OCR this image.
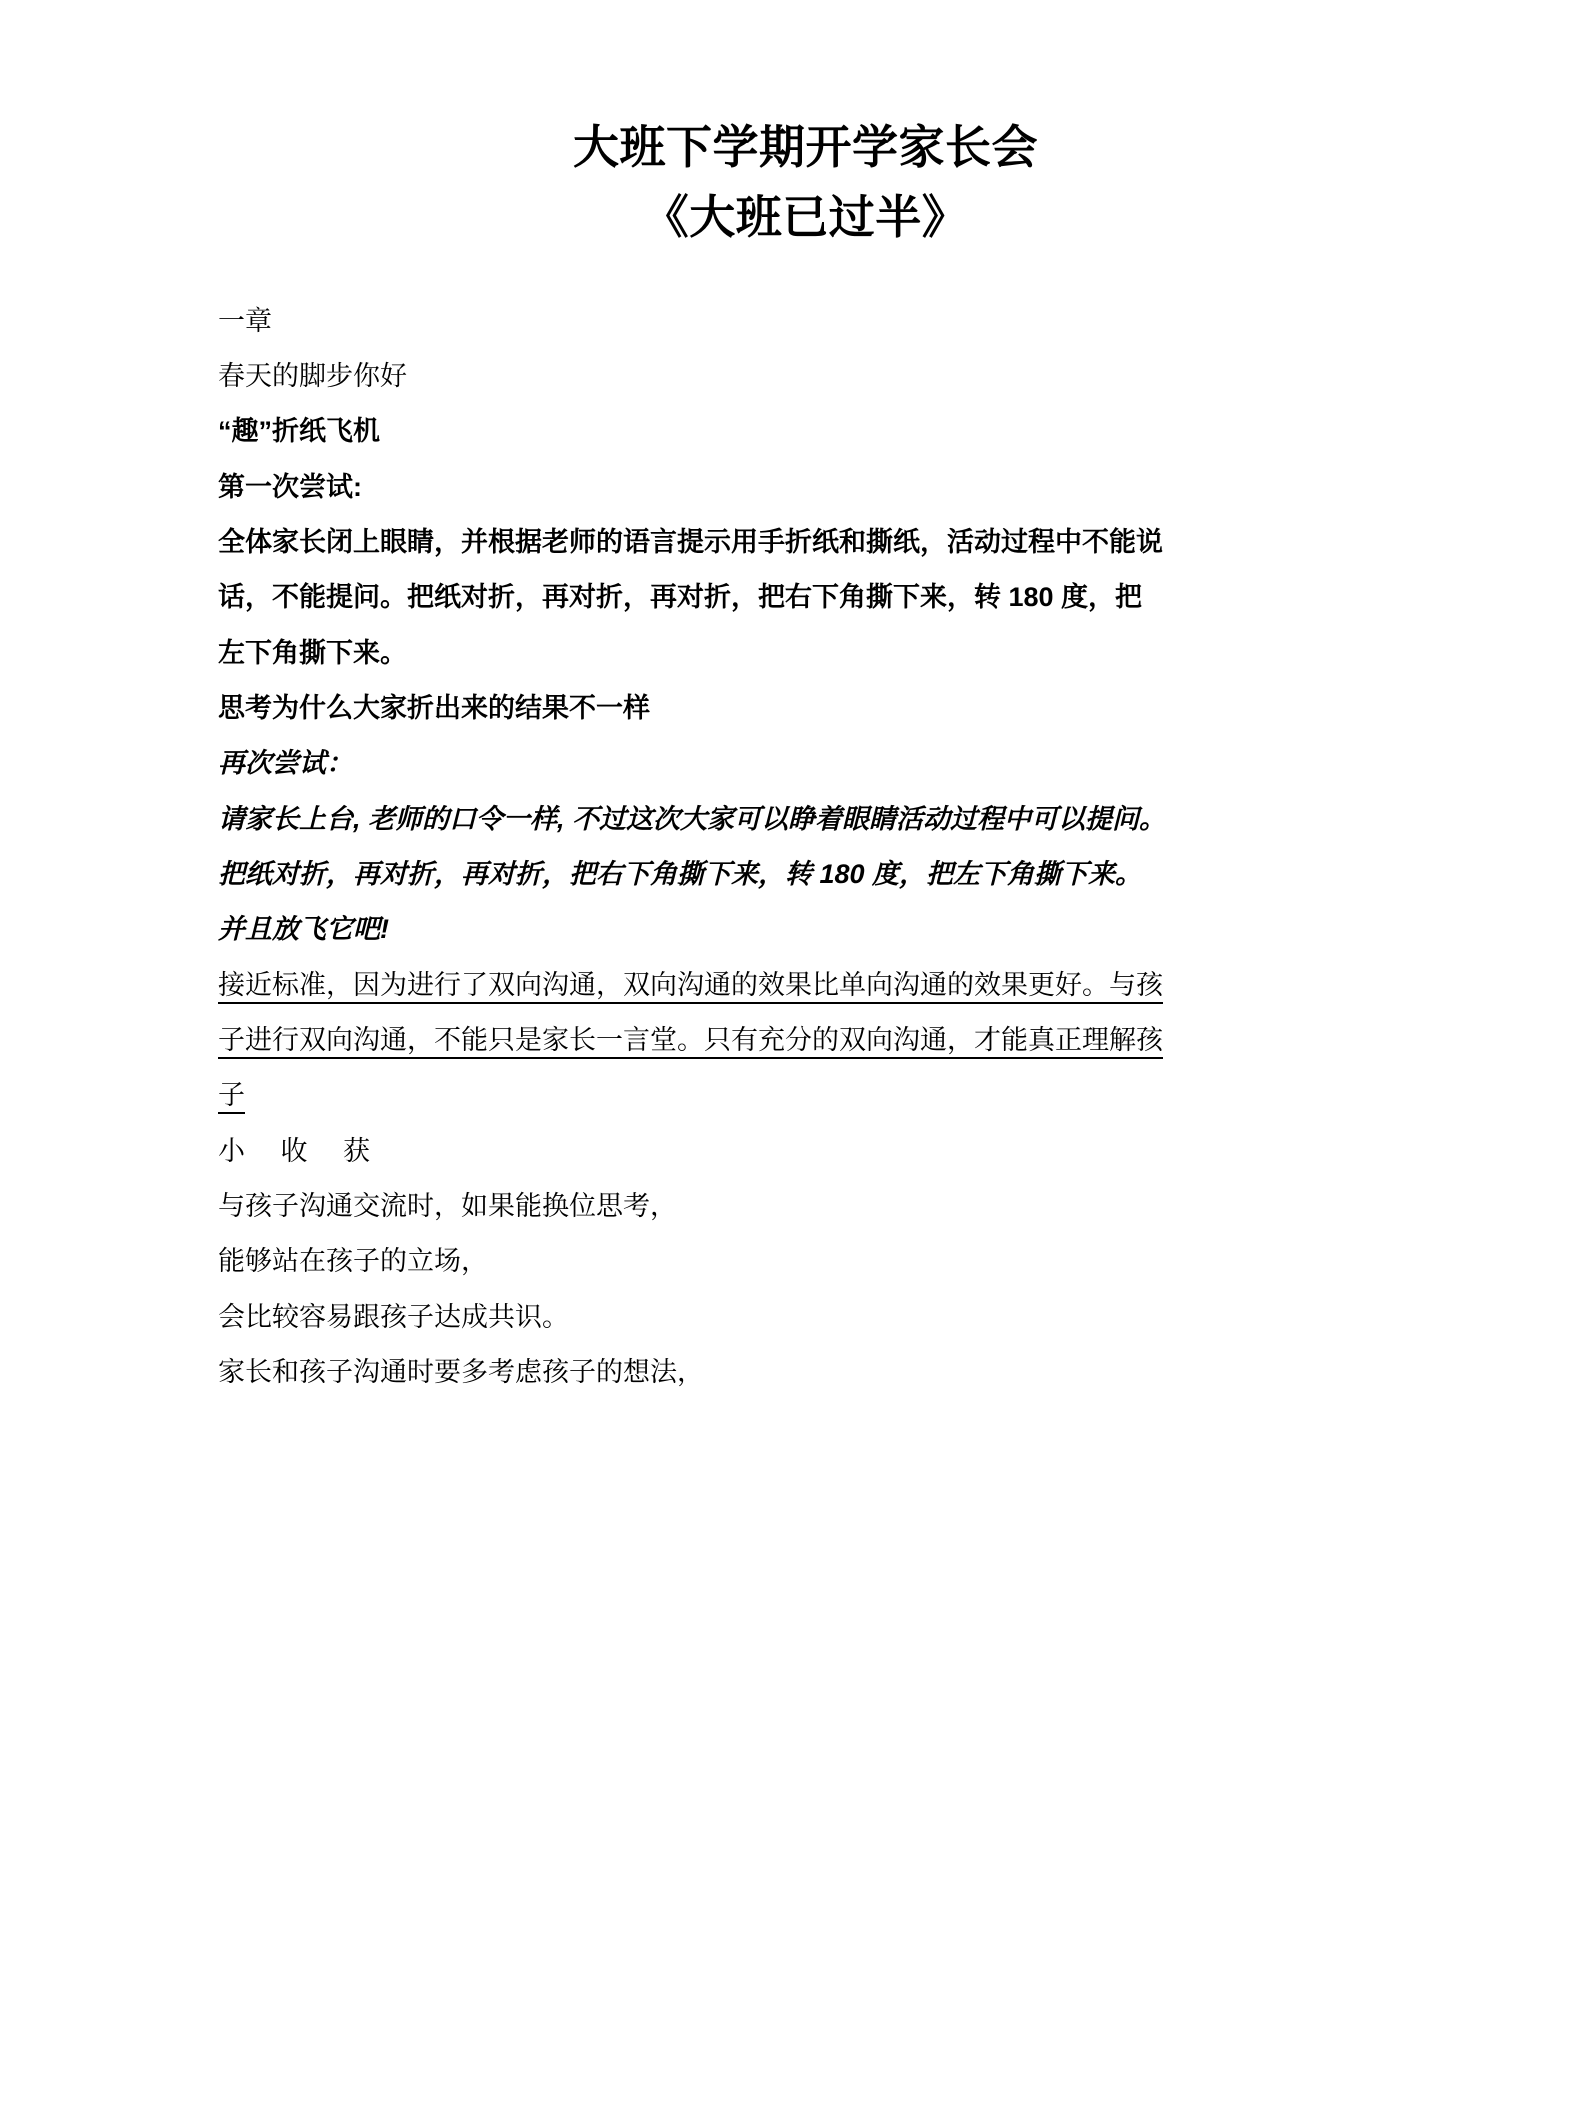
大班下学期开学家长会
《大班已过半》

一章

春天的脚步你好

“趣”折纸飞机

第一次尝试:

全体家长闭上眼睛，并根据老师的语言提示用手折纸和撕纸，活动过程中不能说

话，不能提问。把纸对折，再对折，再对折，把右下角撕下来，转 180 度，把

左下角撕下来。

思考为什么大家折出来的结果不一样

再次尝试：

请家长上台, 老师的口令一样, 不过这次大家可以睁着眼睛活动过程中可以提问。

把纸对折，再对折，再对折，把右下角撕下来，转 180 度，把左下角撕下来。

并且放飞它吧!

接近标准，因为进行了双向沟通，双向沟通的效果比单向沟通的效果更好。与孩

子进行双向沟通，不能只是家长一言堂。只有充分的双向沟通，才能真正理解孩

子

小 收 获

与孩子沟通交流时，如果能换位思考，

能够站在孩子的立场，

会比较容易跟孩子达成共识。

家长和孩子沟通时要多考虑孩子的想法，
